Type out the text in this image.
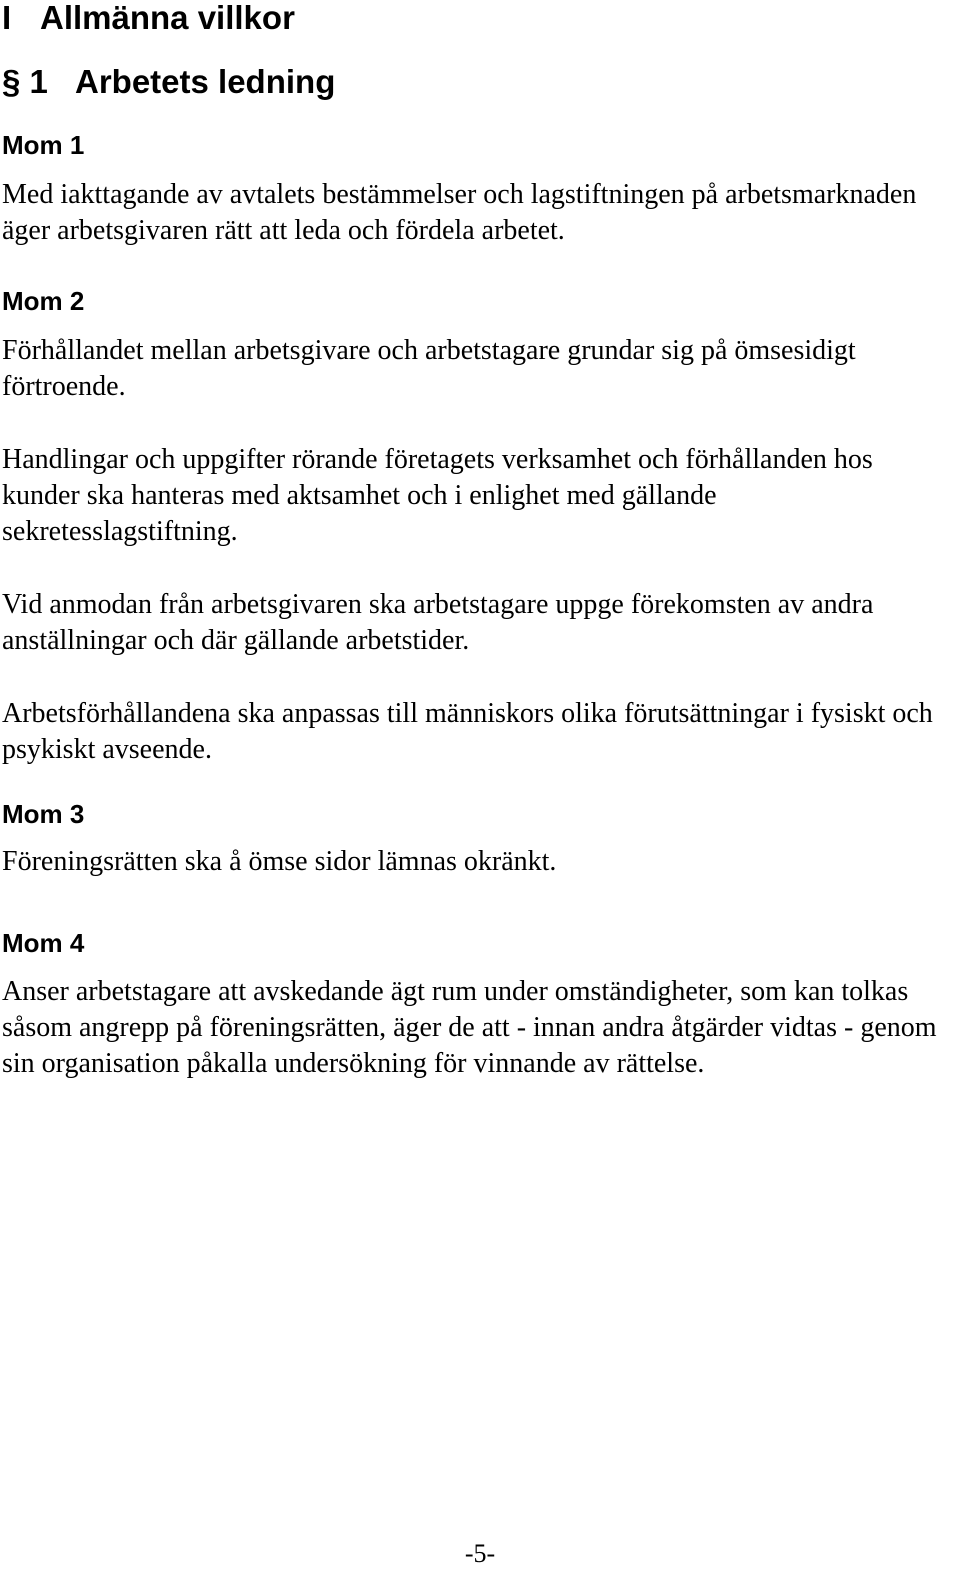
I Allmänna villkor
§ 1 Arbetets ledning
Mom 1

Med iakttagande av avtalets bestämmelser och lagstiftningen på arbetsmarknaden äger arbetsgivaren rätt att leda och fördela arbetet.

Mom 2

Förhållandet mellan arbetsgivare och arbetstagare grundar sig på ömsesidigt förtroende.

Handlingar och uppgifter rörande företagets verksamhet och förhållanden hos kunder ska hanteras med aktsamhet och i enlighet med gällande sekretesslagstiftning.

Vid anmodan från arbetsgivaren ska arbetstagare uppge förekomsten av andra anställningar och där gällande arbetstider.

Arbetsförhållandena ska anpassas till människors olika förutsättningar i fysiskt och psykiskt avseende.

Mom 3

Föreningsrätten ska å ömse sidor lämnas okränkt.

Mom 4

Anser arbetstagare att avskedande ägt rum under omständigheter, som kan tolkas såsom angrepp på föreningsrätten, äger de att - innan andra åtgärder vidtas - genom sin organisation påkalla undersökning för vinnande av rättelse.

-5-
